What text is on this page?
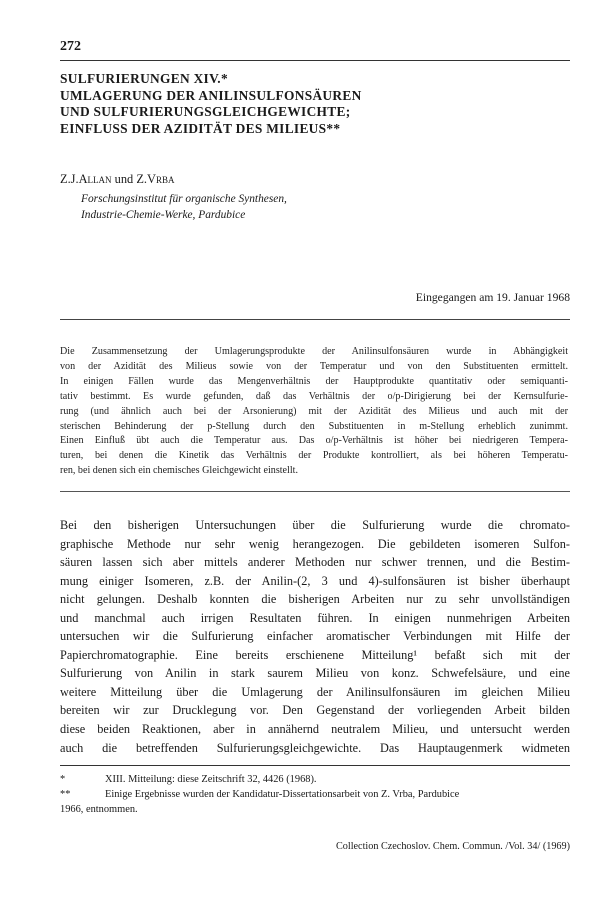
272
SULFURIERUNGEN XIV.*
UMLAGERUNG DER ANILINSULFONSÄUREN
UND SULFURIERUNGSGLEICHGEWICHTE;
EINFLUSS DER AZIDITÄT DES MILIEUS**
Z.J.Allan und Z.Vrba
Forschungsinstitut für organische Synthesen,
Industrie-Chemie-Werke, Pardubice
Eingegangen am 19. Januar 1968
Die Zusammensetzung der Umlagerungsprodukte der Anilinsulfonsäuren wurde in Abhängigkeit
von der Azidität des Milieus sowie von der Temperatur und von den Substituenten ermittelt.
In einigen Fällen wurde das Mengenverhältnis der Hauptprodukte quantitativ oder semiquanti-
tativ bestimmt. Es wurde gefunden, daß das Verhältnis der o/p-Dirigierung bei der Kernsulfurie-
rung (und ähnlich auch bei der Arsonierung) mit der Azidität des Milieus und auch mit der
sterischen Behinderung der p-Stellung durch den Substituenten in m-Stellung erheblich zunimmt.
Einen Einfluß übt auch die Temperatur aus. Das o/p-Verhältnis ist höher bei niedrigeren Tempera-
turen, bei denen die Kinetik das Verhältnis der Produkte kontrolliert, als bei höheren Temperatu-
ren, bei denen sich ein chemisches Gleichgewicht einstellt.
Bei den bisherigen Untersuchungen über die Sulfurierung wurde die chromato-
graphische Methode nur sehr wenig herangezogen. Die gebildeten isomeren Sulfon-
säuren lassen sich aber mittels anderer Methoden nur schwer trennen, und die Bestim-
mung einiger Isomeren, z.B. der Anilin-(2, 3 und 4)-sulfonsäuren ist bisher überhaupt
nicht gelungen. Deshalb konnten die bisherigen Arbeiten nur zu sehr unvollständigen
und manchmal auch irrigen Resultaten führen. In einigen nunmehrigen Arbeiten
untersuchen wir die Sulfurierung einfacher aromatischer Verbindungen mit Hilfe der
Papierchromatographie. Eine bereits erschienene Mitteilung¹ befaßt sich mit der
Sulfurierung von Anilin in stark saurem Milieu von konz. Schwefelsäure, und eine
weitere Mitteilung über die Umlagerung der Anilinsulfonsäuren im gleichen Milieu
bereiten wir zur Drucklegung vor. Den Gegenstand der vorliegenden Arbeit bilden
diese beiden Reaktionen, aber in annähernd neutralem Milieu, und untersucht werden
auch die betreffenden Sulfurierungsgleichgewichte. Das Hauptaugenmerk widmeten
*	XIII. Mitteilung: diese Zeitschrift 32, 4426 (1968).
**	Einige Ergebnisse wurden der Kandidatur-Dissertationsarbeit von Z. Vrba, Pardubice
1966, entnommen.
Collection Czechoslov. Chem. Commun. /Vol. 34/ (1969)
